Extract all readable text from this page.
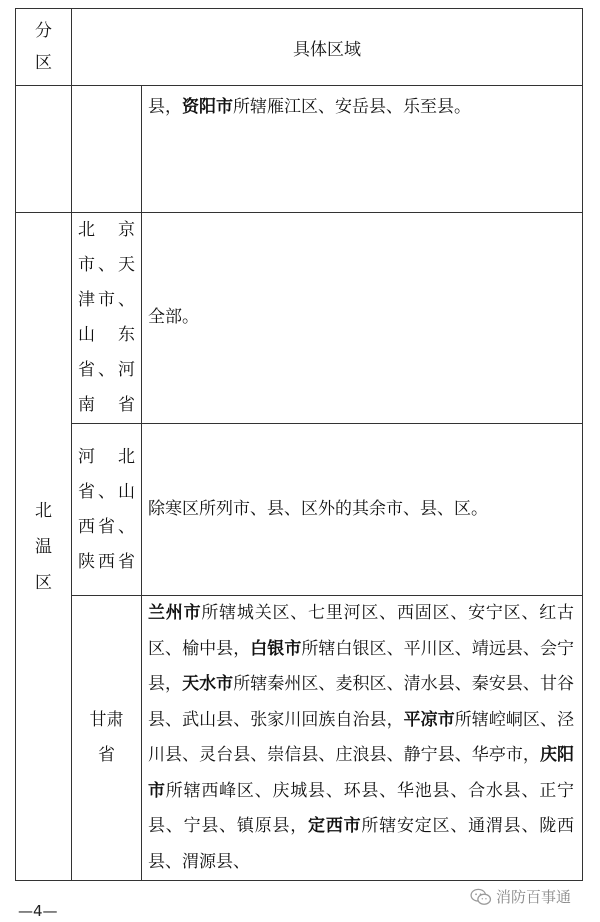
分区	具体区域	
		县，资阳市所辖雁江区、安岳县、乐至县。

北温区	北京市、天津市、山东省、河南省	全部。

	河北省、山西省、陕西省	除寒区所列市、县、区外的其余市、县、区。

	甘肃省	兰州市所辖城关区、七里河区、西固区、安宁区、红古区、榆中县，白银市所辖白银区、平川区、靖远县、会宁县，天水市所辖秦州区、麦积区、清水县、秦安县、甘谷县、武山县、张家川回族自治县，平凉市所辖崆峒区、泾川县、灵台县、崇信县、庄浪县、静宁县、华亭市，庆阳市所辖西峰区、庆城县、环县、华池县、合水县、正宁县、宁县、镇原县，定西市所辖安定区、通渭县、陇西县、渭源县、
—4—
消防百事通
